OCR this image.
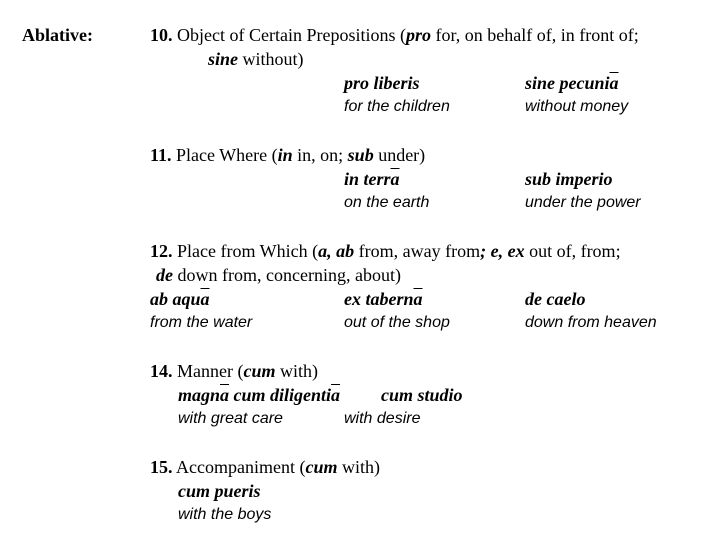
Ablative:	10. Object of Certain Prepositions (pro for, on behalf of, in front of;
sine without)
pro liberis
for the children
sine $pecuni\overline{a}$
without money
11. Place Where (in in, on; sub under)
in $terr\overline{a}$
on the earth
sub imperio
under the power
12. Place from Which (a, ab from, away from; e, ex out of, from;
de down from, concerning, about)
ab $aqu\overline{a}$
from the water
ex $tabern\overline{a}$
out of the shop
de caelo
down from heaven
14. Manner (cum with)
$magn\overline{a}$ cum $diligenti\overline{a}$
with great care
cum studio
with desire
15. Accompaniment (cum with)
cum pueris
with the boys
